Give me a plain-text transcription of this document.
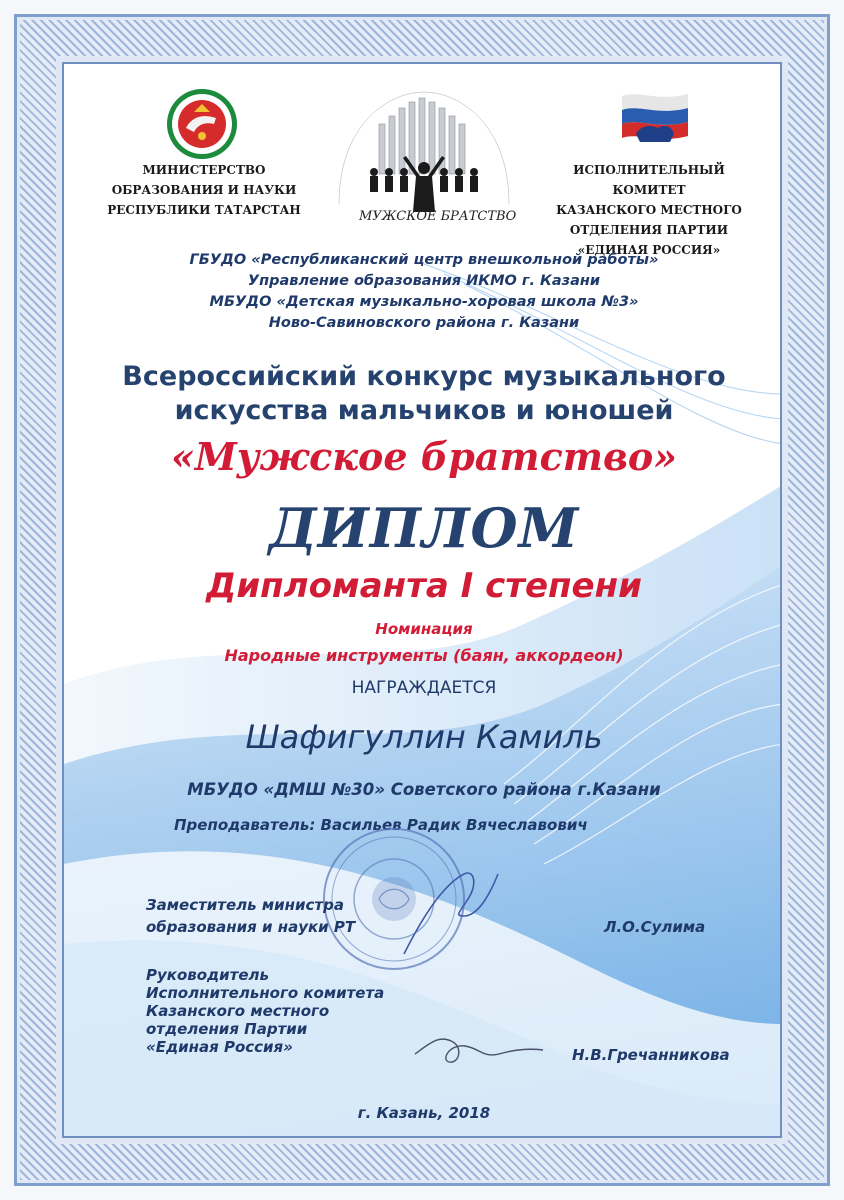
МИНИСТЕРСТВО
ОБРАЗОВАНИЯ И НАУКИ
РЕСПУБЛИКИ ТАТАРСТАН	МУЖСКОЕ БРАТСТВО
ИСПОЛНИТЕЛЬНЫЙ КОМИТЕТ
КАЗАНСКОГО МЕСТНОГО
ОТДЕЛЕНИЯ ПАРТИИ
«ЕДИНАЯ РОССИЯ»
ГБУДО «Республиканский центр внешкольной работы»
Управление образования ИКМО г. Казани
МБУДО «Детская музыкально-хоровая школа №3»
Ново-Савиновского района г. Казани
Всероссийский конкурс музыкального
искусства мальчиков и юношей
«Мужское братство»
ДИПЛОМ
Дипломанта I степени
Номинация
Народные инструменты (баян, аккордеон)
НАГРАЖДАЕТСЯ
Шафигуллин Камиль
МБУДО «ДМШ №30» Советского района г.Казани
Преподаватель: Васильев Радик Вячеславович
Заместитель министра
образования и науки РТ	Л.О.Сулима
Руководитель
Исполнительного комитета
Казанского местного
отделения Партии
«Единая Россия»	Н.В.Гречанникова
г. Казань, 2018
